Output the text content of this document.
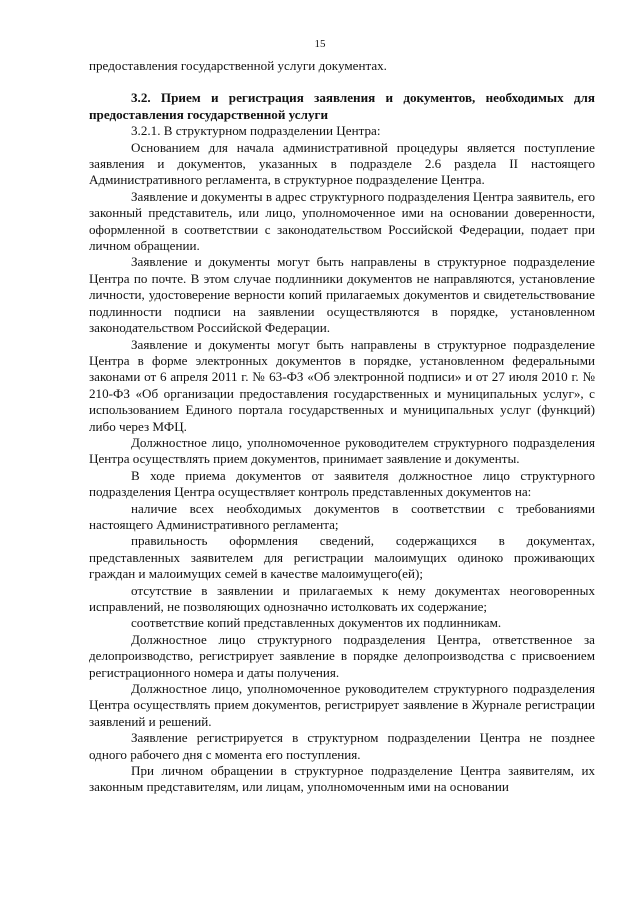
15

предоставления государственной услуги документах.

3.2. Прием и регистрация заявления и документов, необходимых для предоставления государственной услуги

3.2.1. В структурном подразделении Центра:

Основанием для начала административной процедуры является поступление заявления и документов, указанных в подразделе 2.6 раздела II настоящего Административного регламента, в структурное подразделение Центра.

Заявление и документы в адрес структурного подразделения Центра заявитель, его законный представитель, или лицо, уполномоченное ими на основании доверенности, оформленной в соответствии с законодательством Российской Федерации, подает при личном обращении.

Заявление и документы могут быть направлены в структурное подразделение Центра по почте. В этом случае подлинники документов не направляются, установление личности, удостоверение верности копий прилагаемых документов и свидетельствование подлинности подписи на заявлении осуществляются в порядке, установленном законодательством Российской Федерации.

Заявление и документы могут быть направлены в структурное подразделение Центра в форме электронных документов в порядке, установленном федеральными законами от 6 апреля 2011 г. № 63-ФЗ «Об электронной подписи» и от 27 июля 2010 г. № 210-ФЗ «Об организации предоставления государственных и муниципальных услуг», с использованием Единого портала государственных и муниципальных услуг (функций) либо через МФЦ.

Должностное лицо, уполномоченное руководителем структурного подразделения Центра осуществлять прием документов, принимает заявление и документы.

В ходе приема документов от заявителя должностное лицо структурного подразделения Центра осуществляет контроль представленных документов на:

наличие всех необходимых документов в соответствии с требованиями настоящего Административного регламента;

правильность оформления сведений, содержащихся в документах, представленных заявителем для регистрации малоимущих одиноко проживающих граждан и малоимущих семей в качестве малоимущего(ей);

отсутствие в заявлении и прилагаемых к нему документах неоговоренных исправлений, не позволяющих однозначно истолковать их содержание;

соответствие копий представленных документов их подлинникам.

Должностное лицо структурного подразделения Центра, ответственное за делопроизводство, регистрирует заявление в порядке делопроизводства с присвоением регистрационного номера и даты получения.

Должностное лицо, уполномоченное руководителем структурного подразделения Центра осуществлять прием документов, регистрирует заявление в Журнале регистрации заявлений и решений.

Заявление регистрируется в структурном подразделении Центра не позднее одного рабочего дня с момента его поступления.

При личном обращении в структурное подразделение Центра заявителям, их законным представителям, или лицам, уполномоченным ими на основании
